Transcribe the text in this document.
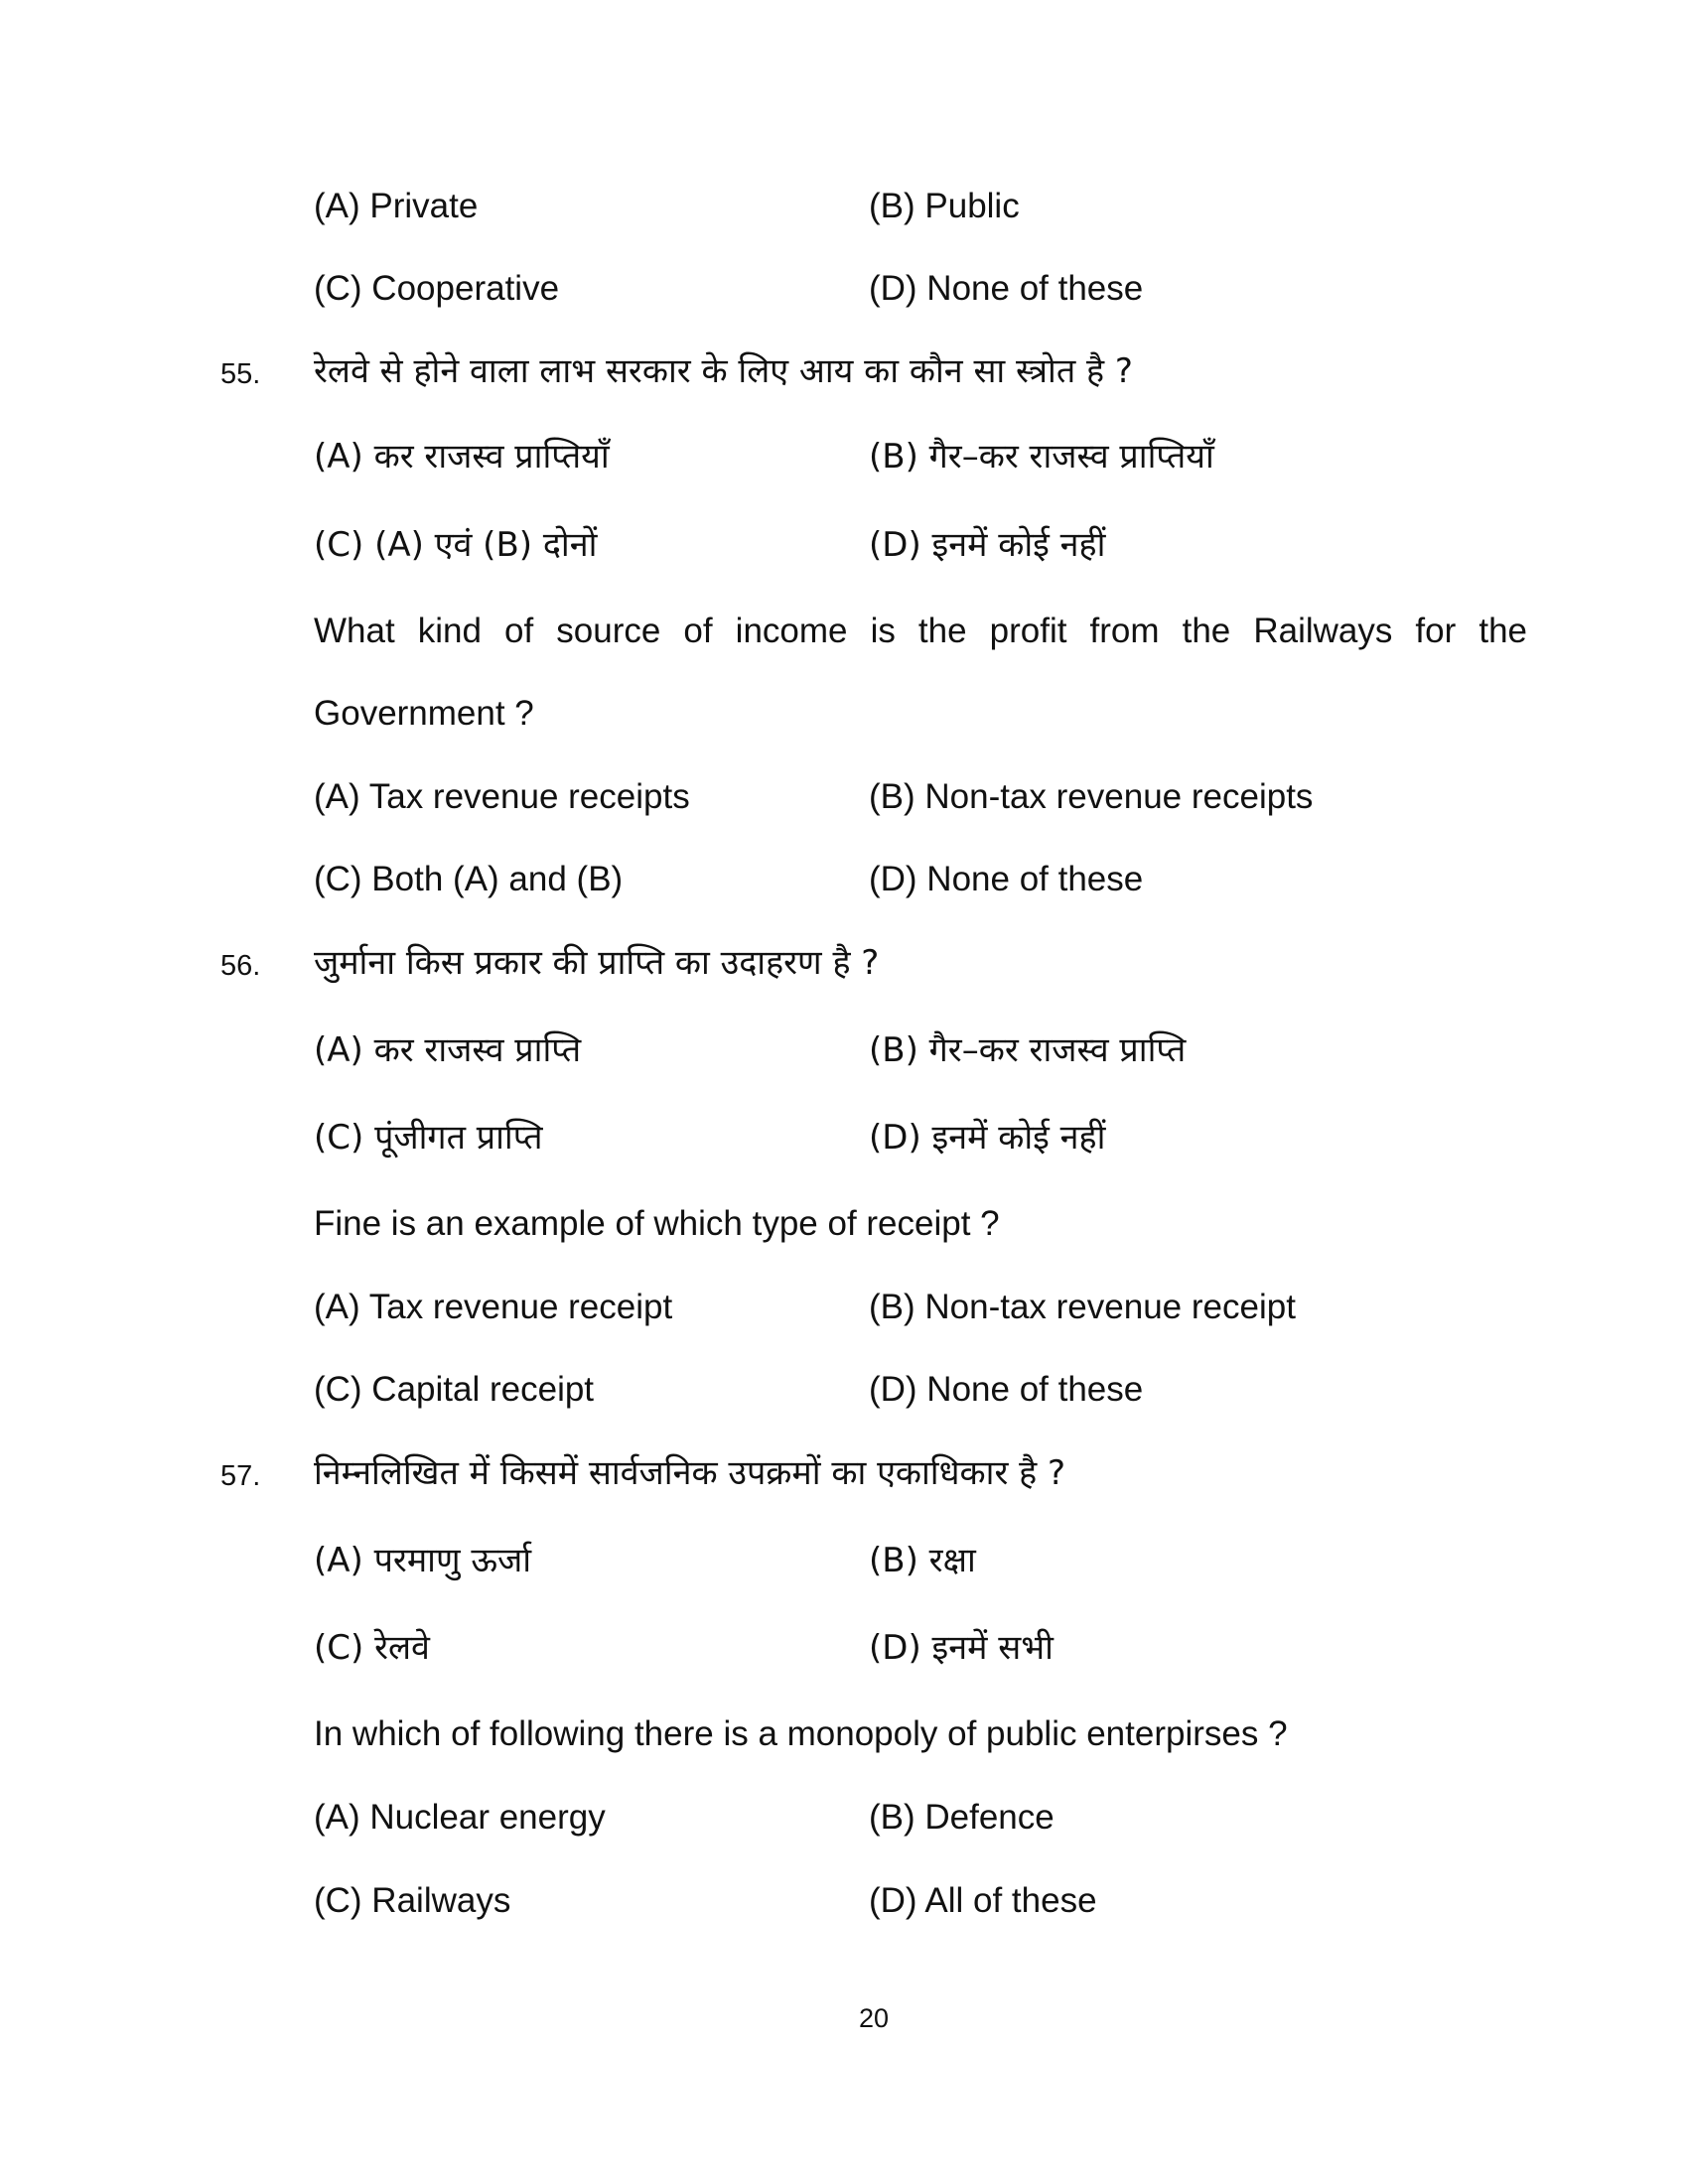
(A) Private	(B) Public
(C) Cooperative	(D) None of these
55. रेलवे से होने वाला लाभ सरकार के लिए आय का कौन सा स्त्रोत है ?
(A) कर राजस्व प्राप्तियाँ	(B) गैर–कर राजस्व प्राप्तियाँ
(C) (A) एवं (B) दोनों	(D) इनमें कोई नहीं
What kind of source of income is the profit from the Railways for the
Government ?
(A) Tax revenue receipts	(B) Non-tax revenue receipts
(C) Both (A) and (B)	(D) None of these
56. जुर्माना किस प्रकार की प्राप्ति का उदाहरण है ?
(A) कर राजस्व प्राप्ति	(B) गैर–कर राजस्व प्राप्ति
(C) पूंजीगत प्राप्ति	(D) इनमें कोई नहीं
Fine is an example of which type of receipt ?
(A) Tax revenue receipt	(B) Non-tax revenue receipt
(C) Capital receipt	(D) None of these
57. निम्नलिखित में किसमें सार्वजनिक उपक्रमों का एकाधिकार है ?
(A) परमाणु ऊर्जा	(B) रक्षा
(C) रेलवे	(D) इनमें सभी
In which of following there is a monopoly of public enterpirses ?
(A) Nuclear energy	(B) Defence
(C) Railways	(D) All of these
20
